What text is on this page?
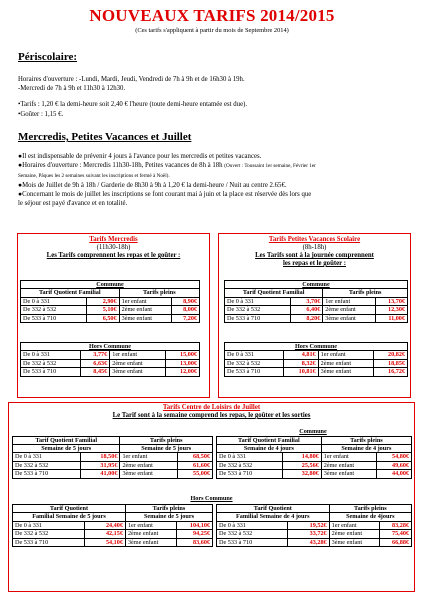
NOUVEAUX TARIFS 2014/2015
(Ces tarifs s'appliquent à partir du mois de Septembre 2014)
Périscolaire:
Horaires d'ouverture : -Lundi, Mardi, Jeudi, Vendredi de 7h à 9h et de 16h30 à 19h.
-Mercredi de 7h à 9h et 11h30 à 12h30.
•Tarifs : 1,20 € la demi-heure soit 2,40 € l'heure (toute demi-heure entamée est due).
•Goûter : 1,15 €.
Mercredis, Petites Vacances et Juillet
●Il est indispensable de prévenir 4 jours à l'avance pour les mercredis et petites vacances.
●Horaires d'ouverture : Mercredis 11h30-18h, Petites vacances de 8h à 18h (Ouvert : Toussaint 1er semaine, Février 1er
Semaine, Pâques les 2 semaines suivant les inscriptions et fermé à Noël).
●Mois de Juillet de 9h à 18h / Garderie de 8h30 à 9h à 1,20 € la demi-heure / Nuit au centre 2.65€.
●Concernant le mois de juillet les inscriptions se font courant mai à juin et la place est réservée dès lors que
le séjour est payé d'avance et en totalité.
Tarifs Mercredis
(11h30-18h)
Les Tarifs comprennent les repas et le goûter :
Commune			
Tarif Quotient Familial		Tarifs pleins	
De 0 à 331	2,90€	1er enfant	8,90€
De 332 à 532	5,10€	2ème enfant	8,00€
De 533 à 710	6,50€	3ème enfant	7,20€
Hors Commune			
De 0 à 331	3,77€	1er enfant	15,00€
De 332 à 532	6,63€	2ème enfant	13,00€
De 533 à 710	8,45€	3ème enfant	12,00€
Tarifs Petites Vacances Scolaire
(8h-18h)
Les Tarifs sont à la journée comprennent
les repas et le goûter :
Commune			
Tarif Quotient Familial		Tarifs pleins	
De 0 à 331	3,70€	1er enfant	13,70€
De 332 à 532	6,40€	2ème enfant	12,30€
De 533 à 710	8,20€	3ème enfant	11,00€
Hors Commune			
De 0 à 331	4,81€	1er enfant	20,82€
De 332 à 532	8,32€	2ème enfant	18,85€
De 533 à 710	10,81€	3ème enfant	16,72€
Tarifs Centre de Loisirs de Juillet
Le Tarif sont à la semaine comprend les repas, le goûter et les sorties

Tarif Quotient Familial		Tarifs pleins	
Semaine de 5 jours		Semaine de 5 jours	
De 0 à 331	18,50€	1er enfant	68,50€
De 332 à 532	31,95€	2ème enfant	61,60€
De 533 à 710	41,00€	3ème enfant	55,00€
Commune

Tarif Quotient Familial		Tarifs pleins	
Semaine de 4 jours		Semaine de 4 jours	
De 0 à 331	14,80€	1er enfant	54,80€
De 332 à 532	25,56€	2ème enfant	49,60€
De 533 à 710	32,80€	3ème enfant	44,00€
Hors Commune
Tarif Quotient		Tarifs pleins	
Familial Semaine de 5 jours		Semaine de 5 jours	
De 0 à 331	24,40€	1er enfant	104,10€
De 332 à 532	42,15€	2ème enfant	94,25€
De 533 à 710	54,10€	3ème enfant	83,60€
Tarif Quotient		Tarifs pleins	
Familial Semaine de 4 jours		Semaine de 4jours	
De 0 à 331	19,52€	1er enfant	83,28€
De 332 à 532	33,72€	2ème enfant	75,40€
De 533 à 710	43,28€	3ème enfant	66,88€
